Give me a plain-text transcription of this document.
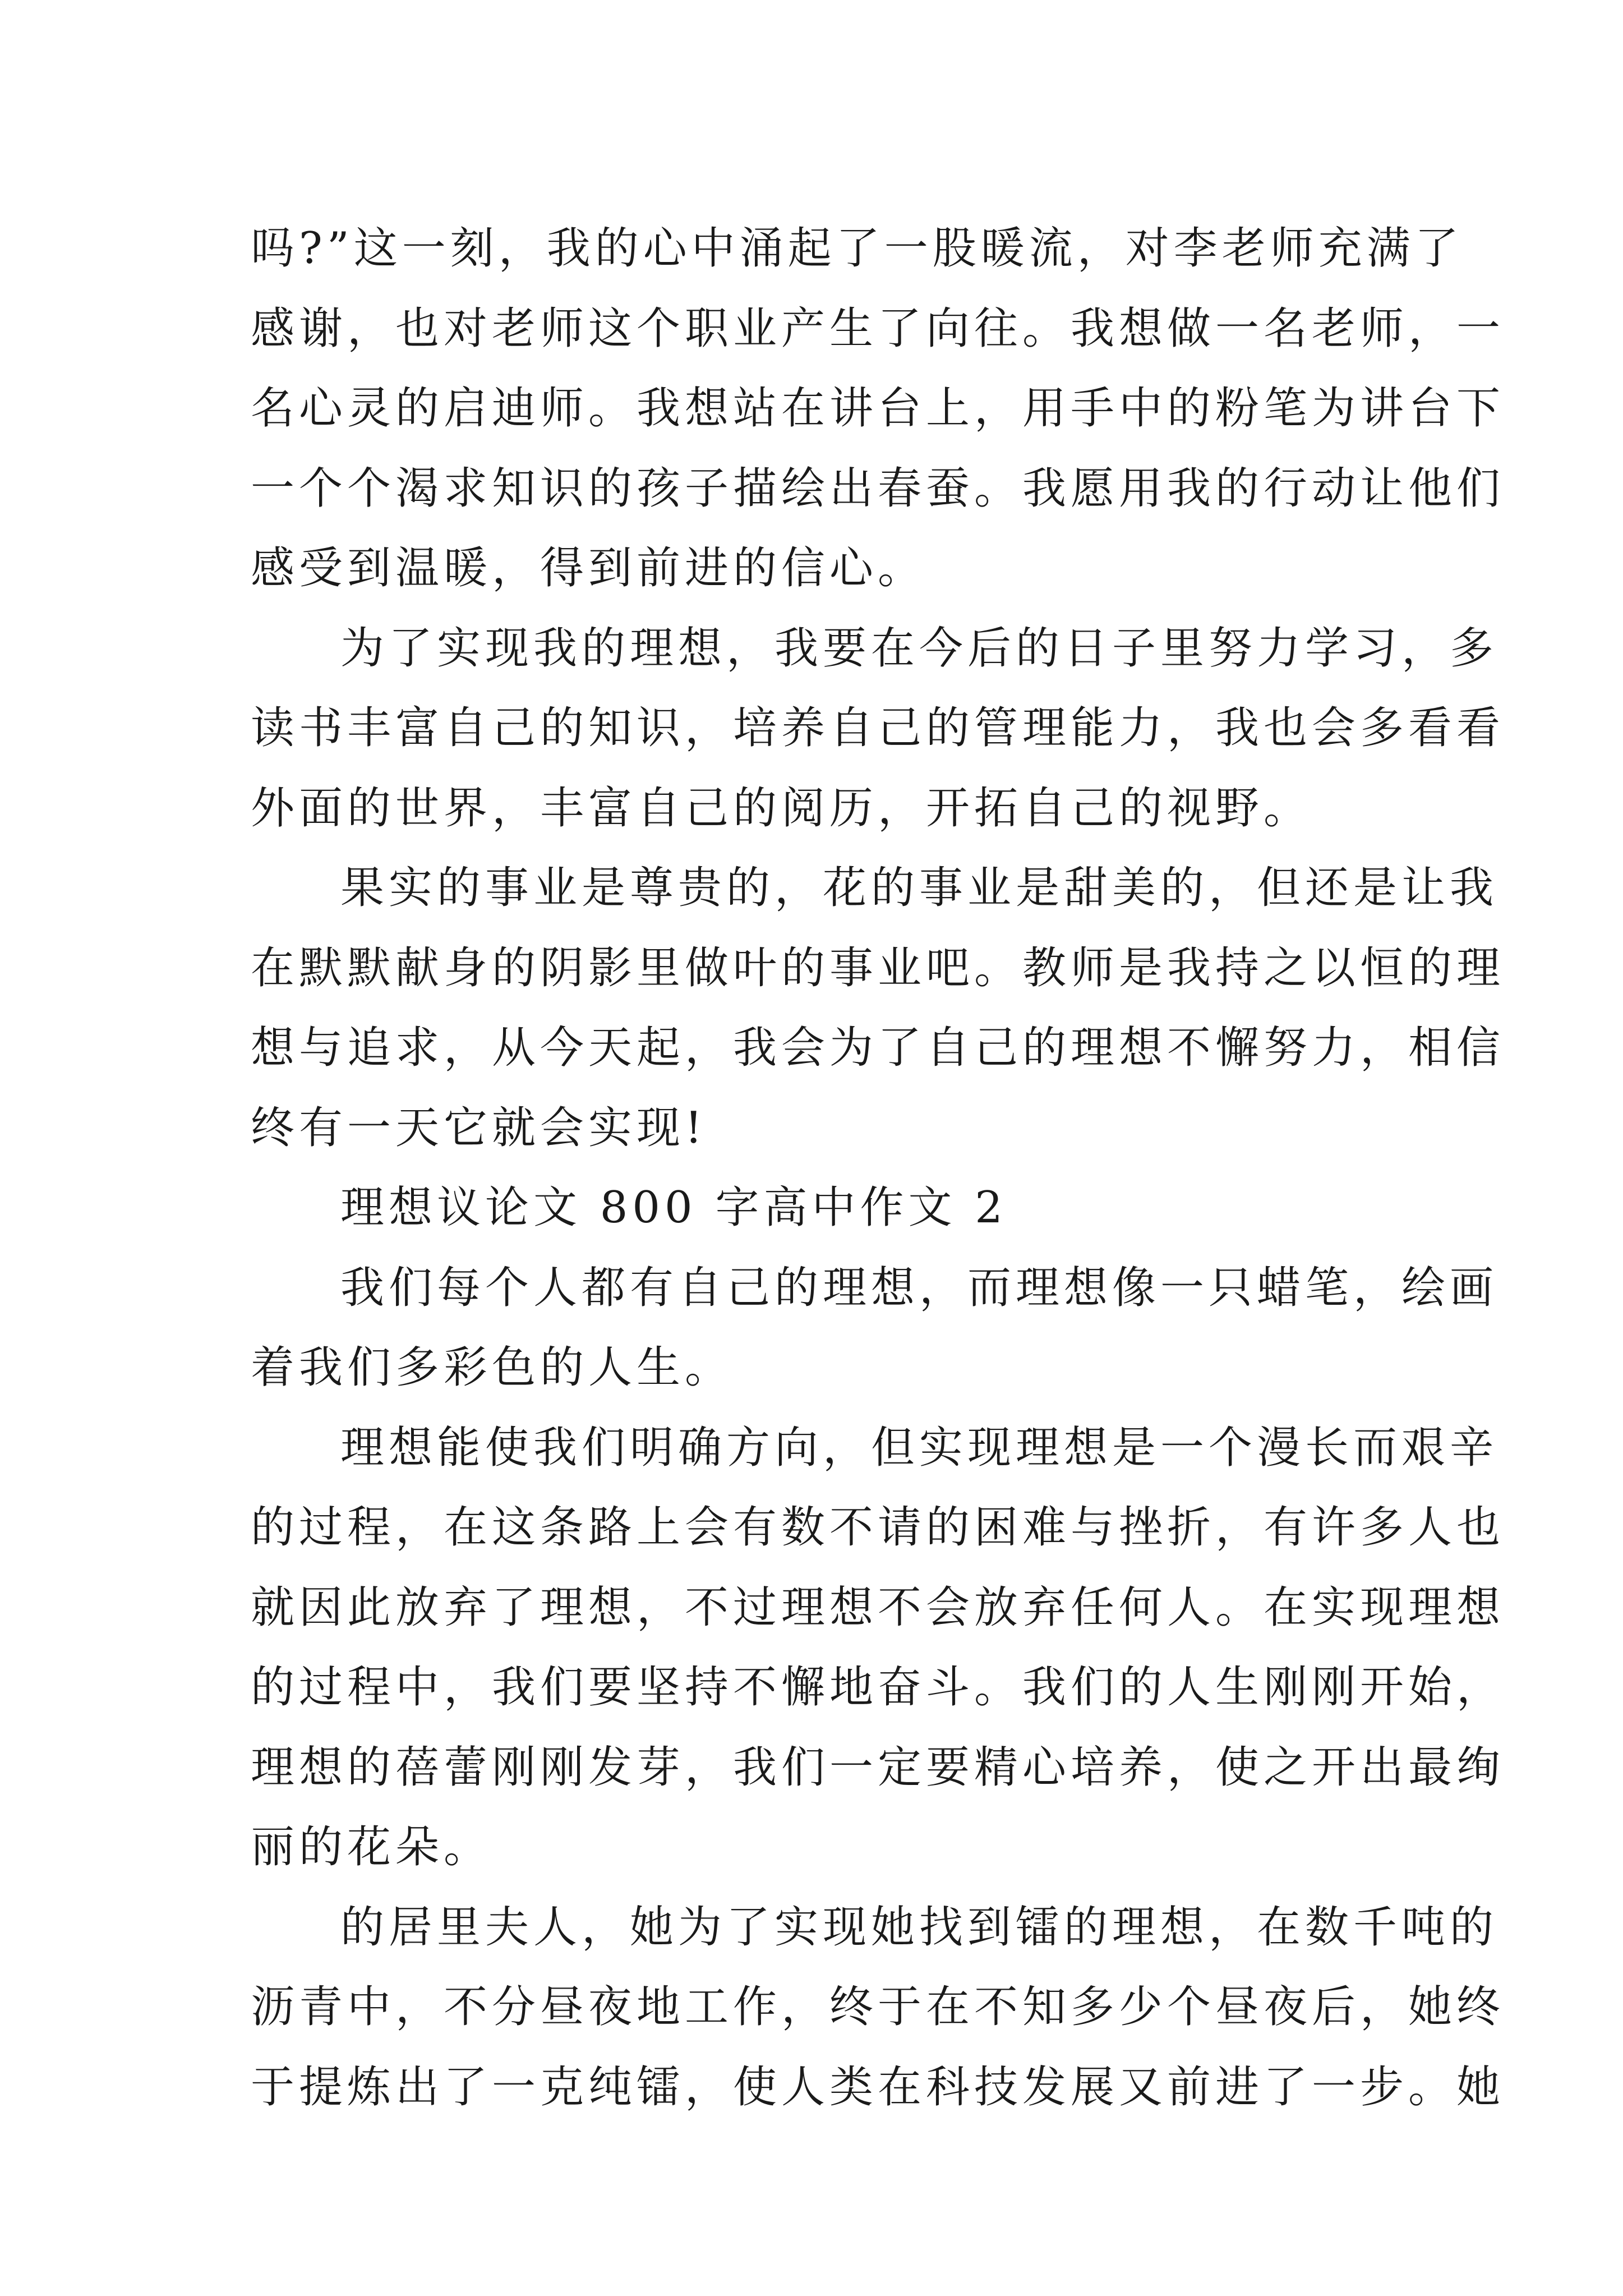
吗?”这一刻，我的心中涌起了一股暖流，对李老师充满了
感谢，也对老师这个职业产生了向往。我想做一名老师，一
名心灵的启迪师。我想站在讲台上，用手中的粉笔为讲台下
一个个渴求知识的孩子描绘出春蚕。我愿用我的行动让他们
感受到温暖，得到前进的信心。
为了实现我的理想，我要在今后的日子里努力学习，多
读书丰富自己的知识，培养自己的管理能力，我也会多看看
外面的世界，丰富自己的阅历，开拓自己的视野。
果实的事业是尊贵的，花的事业是甜美的，但还是让我
在默默献身的阴影里做叶的事业吧。教师是我持之以恒的理
想与追求，从今天起，我会为了自己的理想不懈努力，相信
终有一天它就会实现!
理想议论文 800 字高中作文 2
我们每个人都有自己的理想，而理想像一只蜡笔，绘画
着我们多彩色的人生。
理想能使我们明确方向，但实现理想是一个漫长而艰辛
的过程，在这条路上会有数不请的困难与挫折，有许多人也
就因此放弃了理想，不过理想不会放弃任何人。在实现理想
的过程中，我们要坚持不懈地奋斗。我们的人生刚刚开始，
理想的蓓蕾刚刚发芽，我们一定要精心培养，使之开出最绚
丽的花朵。
的居里夫人，她为了实现她找到镭的理想，在数千吨的
沥青中，不分昼夜地工作，终于在不知多少个昼夜后，她终
于提炼出了一克纯镭，使人类在科技发展又前进了一步。她
